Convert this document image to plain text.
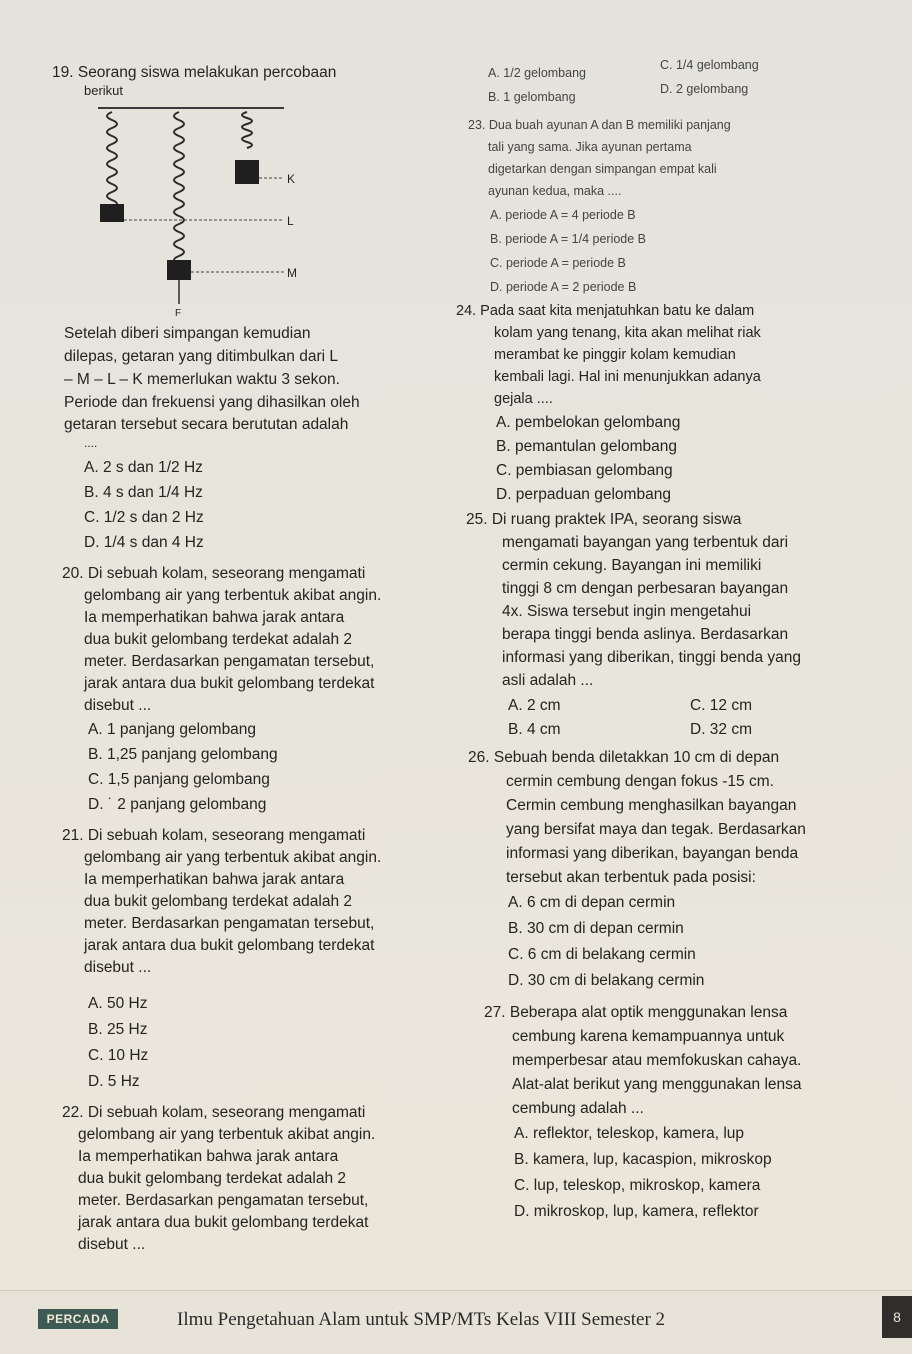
19. Seorang siswa melakukan percobaan
berikut
K
L
M
F
Setelah diberi simpangan kemudian
dilepas, getaran yang ditimbulkan dari L
– M – L – K memerlukan waktu 3 sekon.
Periode dan frekuensi yang dihasilkan oleh
getaran tersebut secara berututan adalah
....
A. 2 s dan 1/2 Hz
B. 4 s dan 1/4 Hz
C. 1/2 s dan 2 Hz
D. 1/4 s dan 4 Hz
20. Di sebuah kolam, seseorang mengamati
gelombang air yang terbentuk akibat angin.
Ia memperhatikan bahwa jarak antara
dua bukit gelombang terdekat adalah 2
meter. Berdasarkan pengamatan tersebut,
jarak antara dua bukit gelombang terdekat
disebut ...
A. 1 panjang gelombang
B. 1,25 panjang gelombang
C. 1,5 panjang gelombang
D. ˙ 2 panjang gelombang
21. Di sebuah kolam, seseorang mengamati
gelombang air yang terbentuk akibat angin.
Ia memperhatikan bahwa jarak antara
dua bukit gelombang terdekat adalah 2
meter. Berdasarkan pengamatan tersebut,
jarak antara dua bukit gelombang terdekat
disebut ...
A. 50 Hz
B. 25 Hz
C. 10 Hz
D. 5 Hz
22. Di sebuah kolam, seseorang mengamati
gelombang air yang terbentuk akibat angin.
Ia memperhatikan bahwa jarak antara
dua bukit gelombang terdekat adalah 2
meter. Berdasarkan pengamatan tersebut,
jarak antara dua bukit gelombang terdekat
disebut ...
A. 1/2 gelombang
C. 1/4 gelombang
B. 1 gelombang
D. 2 gelombang
23. Dua buah ayunan A dan B memiliki panjang
tali yang sama. Jika ayunan pertama
digetarkan dengan simpangan empat kali
ayunan kedua, maka ....
A. periode A = 4 periode B
B. periode A = 1/4 periode B
C. periode A = periode B
D. periode A = 2 periode B
24. Pada saat kita menjatuhkan batu ke dalam
kolam yang tenang, kita akan melihat riak
merambat ke pinggir kolam kemudian
kembali lagi. Hal ini menunjukkan adanya
gejala ....
A. pembelokan gelombang
B. pemantulan gelombang
C. pembiasan gelombang
D. perpaduan gelombang
25. Di ruang praktek IPA, seorang siswa
mengamati bayangan yang terbentuk dari
cermin cekung. Bayangan ini memiliki
tinggi 8 cm dengan perbesaran bayangan
4x. Siswa tersebut ingin mengetahui
berapa tinggi benda aslinya. Berdasarkan
informasi yang diberikan, tinggi benda yang
asli adalah ...
A. 2 cm	C. 12 cm
B. 4 cm	D. 32 cm
26. Sebuah benda diletakkan 10 cm di depan
cermin cembung dengan fokus -15 cm.
Cermin cembung menghasilkan bayangan
yang bersifat maya dan tegak. Berdasarkan
informasi yang diberikan, bayangan benda
tersebut akan terbentuk pada posisi:
A. 6 cm di depan cermin
B. 30 cm di depan cermin
C. 6 cm di belakang cermin
D. 30 cm di belakang cermin
27. Beberapa alat optik menggunakan lensa
cembung karena kemampuannya untuk
memperbesar atau memfokuskan cahaya.
Alat-alat berikut yang menggunakan lensa
cembung adalah ...
A. reflektor, teleskop, kamera, lup
B. kamera, lup, kacaspion, mikroskop
C. lup, teleskop, mikroskop, kamera
D. mikroskop, lup, kamera, reflektor
PERCADA	Ilmu Pengetahuan Alam untuk SMP/MTs Kelas VIII Semester 2	8
